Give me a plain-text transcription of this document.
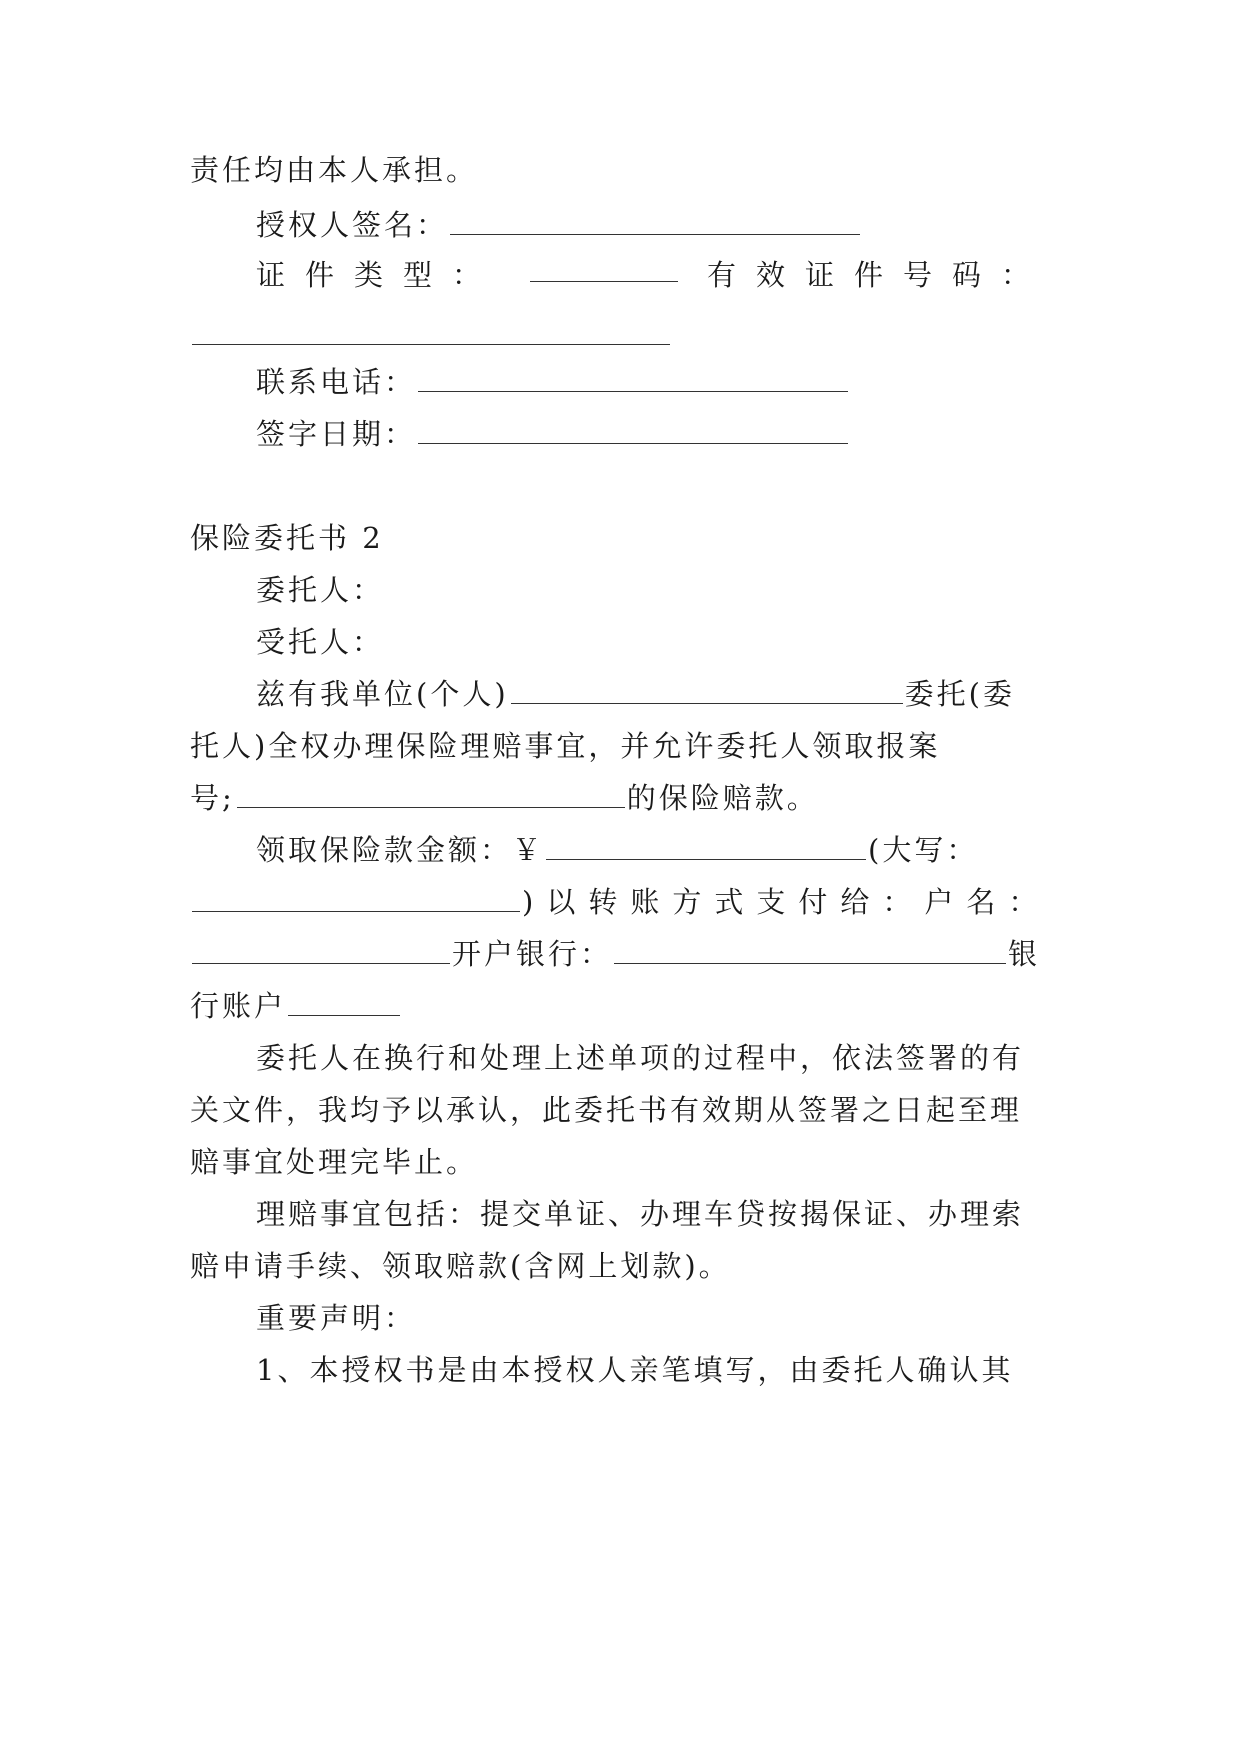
责任均由本人承担。
授权人签名：
证件类型：	有效证件号码：
联系电话：
签字日期：
保险委托书 2
委托人：
受托人：
兹有我单位(个人)	委托(委
托人)全权办理保险理赔事宜，并允许委托人领取报案
号;	的保险赔款。
领取保险款金额：￥	(大写：
)以转账方式支付给：户名：
开户银行：	银
行账户
委托人在换行和处理上述单项的过程中，依法签署的有
关文件，我均予以承认，此委托书有效期从签署之日起至理
赔事宜处理完毕止。
理赔事宜包括：提交单证、办理车贷按揭保证、办理索
赔申请手续、领取赔款(含网上划款)。
重要声明：
1、本授权书是由本授权人亲笔填写，由委托人确认其
